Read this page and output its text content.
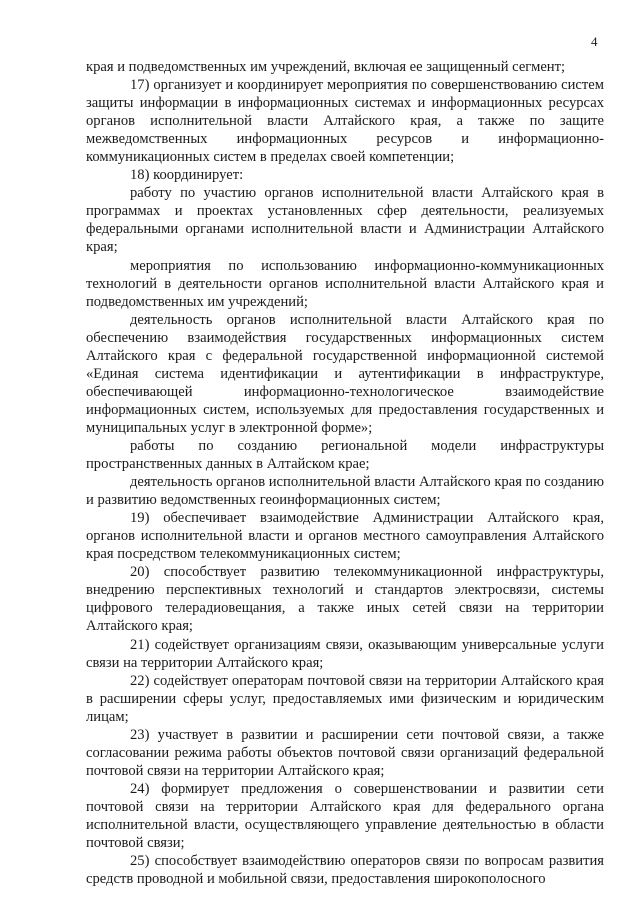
4

края и подведомственных им учреждений, включая ее защищенный сегмент;

17) организует и координирует мероприятия по совершенствованию систем защиты информации в информационных системах и информационных ресурсах органов исполнительной власти Алтайского края, а также по защите межведомственных информационных ресурсов и информационно-коммуникационных систем в пределах своей компетенции;

18) координирует:

работу по участию органов исполнительной власти Алтайского края в программах и проектах установленных сфер деятельности, реализуемых федеральными органами исполнительной власти и Администрации Алтайского края;

мероприятия по использованию информационно-коммуникационных технологий в деятельности органов исполнительной власти Алтайского края и подведомственных им учреждений;

деятельность органов исполнительной власти Алтайского края по обеспечению взаимодействия государственных информационных систем Алтайского края с федеральной государственной информационной системой «Единая система идентификации и аутентификации в инфраструктуре, обеспечивающей информационно-технологическое взаимодействие информационных систем, используемых для предоставления государственных и муниципальных услуг в электронной форме»;

работы по созданию региональной модели инфраструктуры пространственных данных в Алтайском крае;

деятельность органов исполнительной власти Алтайского края по созданию и развитию ведомственных геоинформационных систем;

19) обеспечивает взаимодействие Администрации Алтайского края, органов исполнительной власти и органов местного самоуправления Алтайского края посредством телекоммуникационных систем;

20) способствует развитию телекоммуникационной инфраструктуры, внедрению перспективных технологий и стандартов электросвязи, системы цифрового телерадиовещания, а также иных сетей связи на территории Алтайского края;

21) содействует организациям связи, оказывающим универсальные услуги связи на территории Алтайского края;

22) содействует операторам почтовой связи на территории Алтайского края в расширении сферы услуг, предоставляемых ими физическим и юридическим лицам;

23) участвует в развитии и расширении сети почтовой связи, а также согласовании режима работы объектов почтовой связи организаций федеральной почтовой связи на территории Алтайского края;

24) формирует предложения о совершенствовании и развитии сети почтовой связи на территории Алтайского края для федерального органа исполнительной власти, осуществляющего управление деятельностью в области почтовой связи;

25) способствует взаимодействию операторов связи по вопросам развития средств проводной и мобильной связи, предоставления широкополосного
